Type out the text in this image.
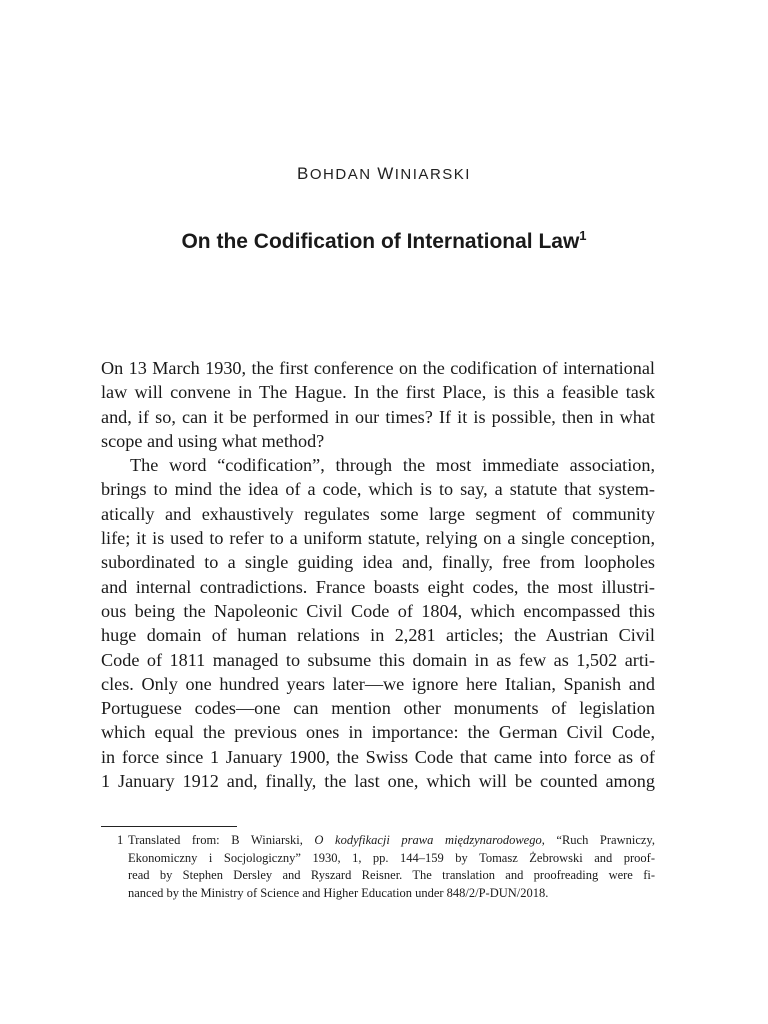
BOHDAN WINIARSKI
On the Codification of International Law$^1$
On 13 March 1930, the first conference on the codification of international
law will convene in The Hague. In the first Place, is this a feasible task
and, if so, can it be performed in our times? If it is possible, then in what
scope and using what method?
The word “codification”, through the most immediate association,
brings to mind the idea of a code, which is to say, a statute that system-
atically and exhaustively regulates some large segment of community
life; it is used to refer to a uniform statute, relying on a single conception,
subordinated to a single guiding idea and, finally, free from loopholes
and internal contradictions. France boasts eight codes, the most illustri-
ous being the Napoleonic Civil Code of 1804, which encompassed this
huge domain of human relations in 2,281 articles; the Austrian Civil
Code of 1811 managed to subsume this domain in as few as 1,502 arti-
cles. Only one hundred years later—we ignore here Italian, Spanish and
Portuguese codes—one can mention other monuments of legislation
which equal the previous ones in importance: the German Civil Code,
in force since 1 January 1900, the Swiss Code that came into force as of
1 January 1912 and, finally, the last one, which will be counted among
1 Translated from: B Winiarski, O kodyfikacji prawa międzynarodowego, “Ruch Prawniczy,
Ekonomiczny i Socjologiczny” 1930, 1, pp. 144–159 by Tomasz Żebrowski and proof-
read by Stephen Dersley and Ryszard Reisner. The translation and proofreading were fi-
nanced by the Ministry of Science and Higher Education under 848/2/P-DUN/2018.
